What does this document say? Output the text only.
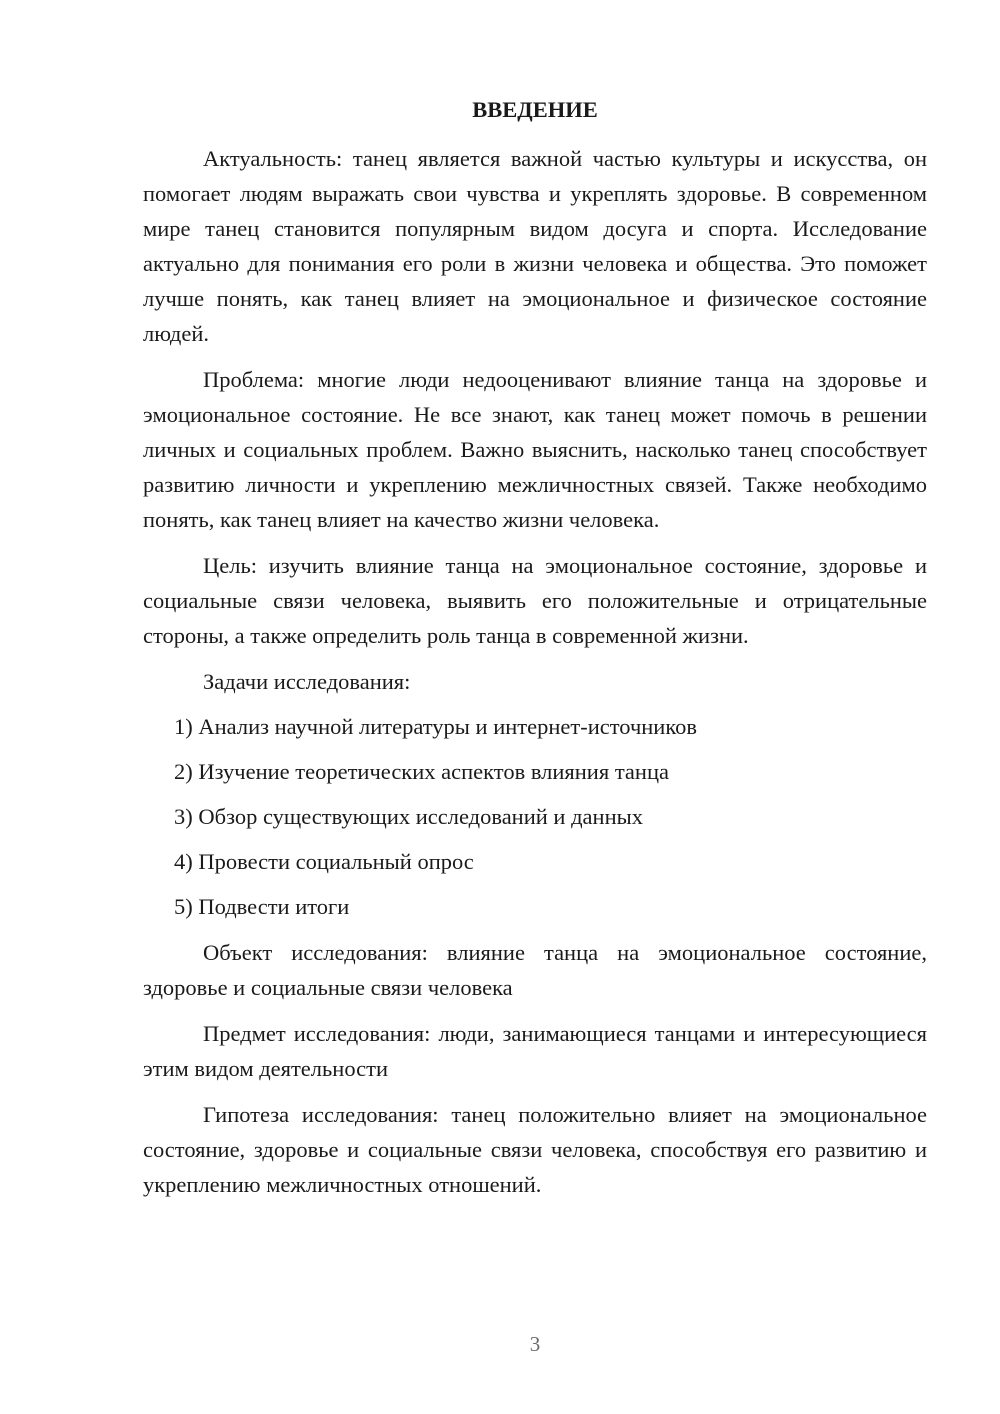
ВВЕДЕНИЕ
Актуальность: танец является важной частью культуры и искусства, он помогает людям выражать свои чувства и укреплять здоровье. В современном мире танец становится популярным видом досуга и спорта. Исследование актуально для понимания его роли в жизни человека и общества. Это поможет лучше понять, как танец влияет на эмоциональное и физическое состояние людей.
Проблема: многие люди недооценивают влияние танца на здоровье и эмоциональное состояние. Не все знают, как танец может помочь в решении личных и социальных проблем. Важно выяснить, насколько танец способствует развитию личности и укреплению межличностных связей. Также необходимо понять, как танец влияет на качество жизни человека.
Цель: изучить влияние танца на эмоциональное состояние, здоровье и социальные связи человека, выявить его положительные и отрицательные стороны, а также определить роль танца в современной жизни.
Задачи исследования:
1) Анализ научной литературы и интернет-источников
2) Изучение теоретических аспектов влияния танца
3) Обзор существующих исследований и данных
4) Провести социальный опрос
5) Подвести итоги
Объект исследования: влияние танца на эмоциональное состояние, здоровье и социальные связи человека
Предмет исследования: люди, занимающиеся танцами и интересующиеся этим видом деятельности
Гипотеза исследования: танец положительно влияет на эмоциональное состояние, здоровье и социальные связи человека, способствуя его развитию и укреплению межличностных отношений.
3
